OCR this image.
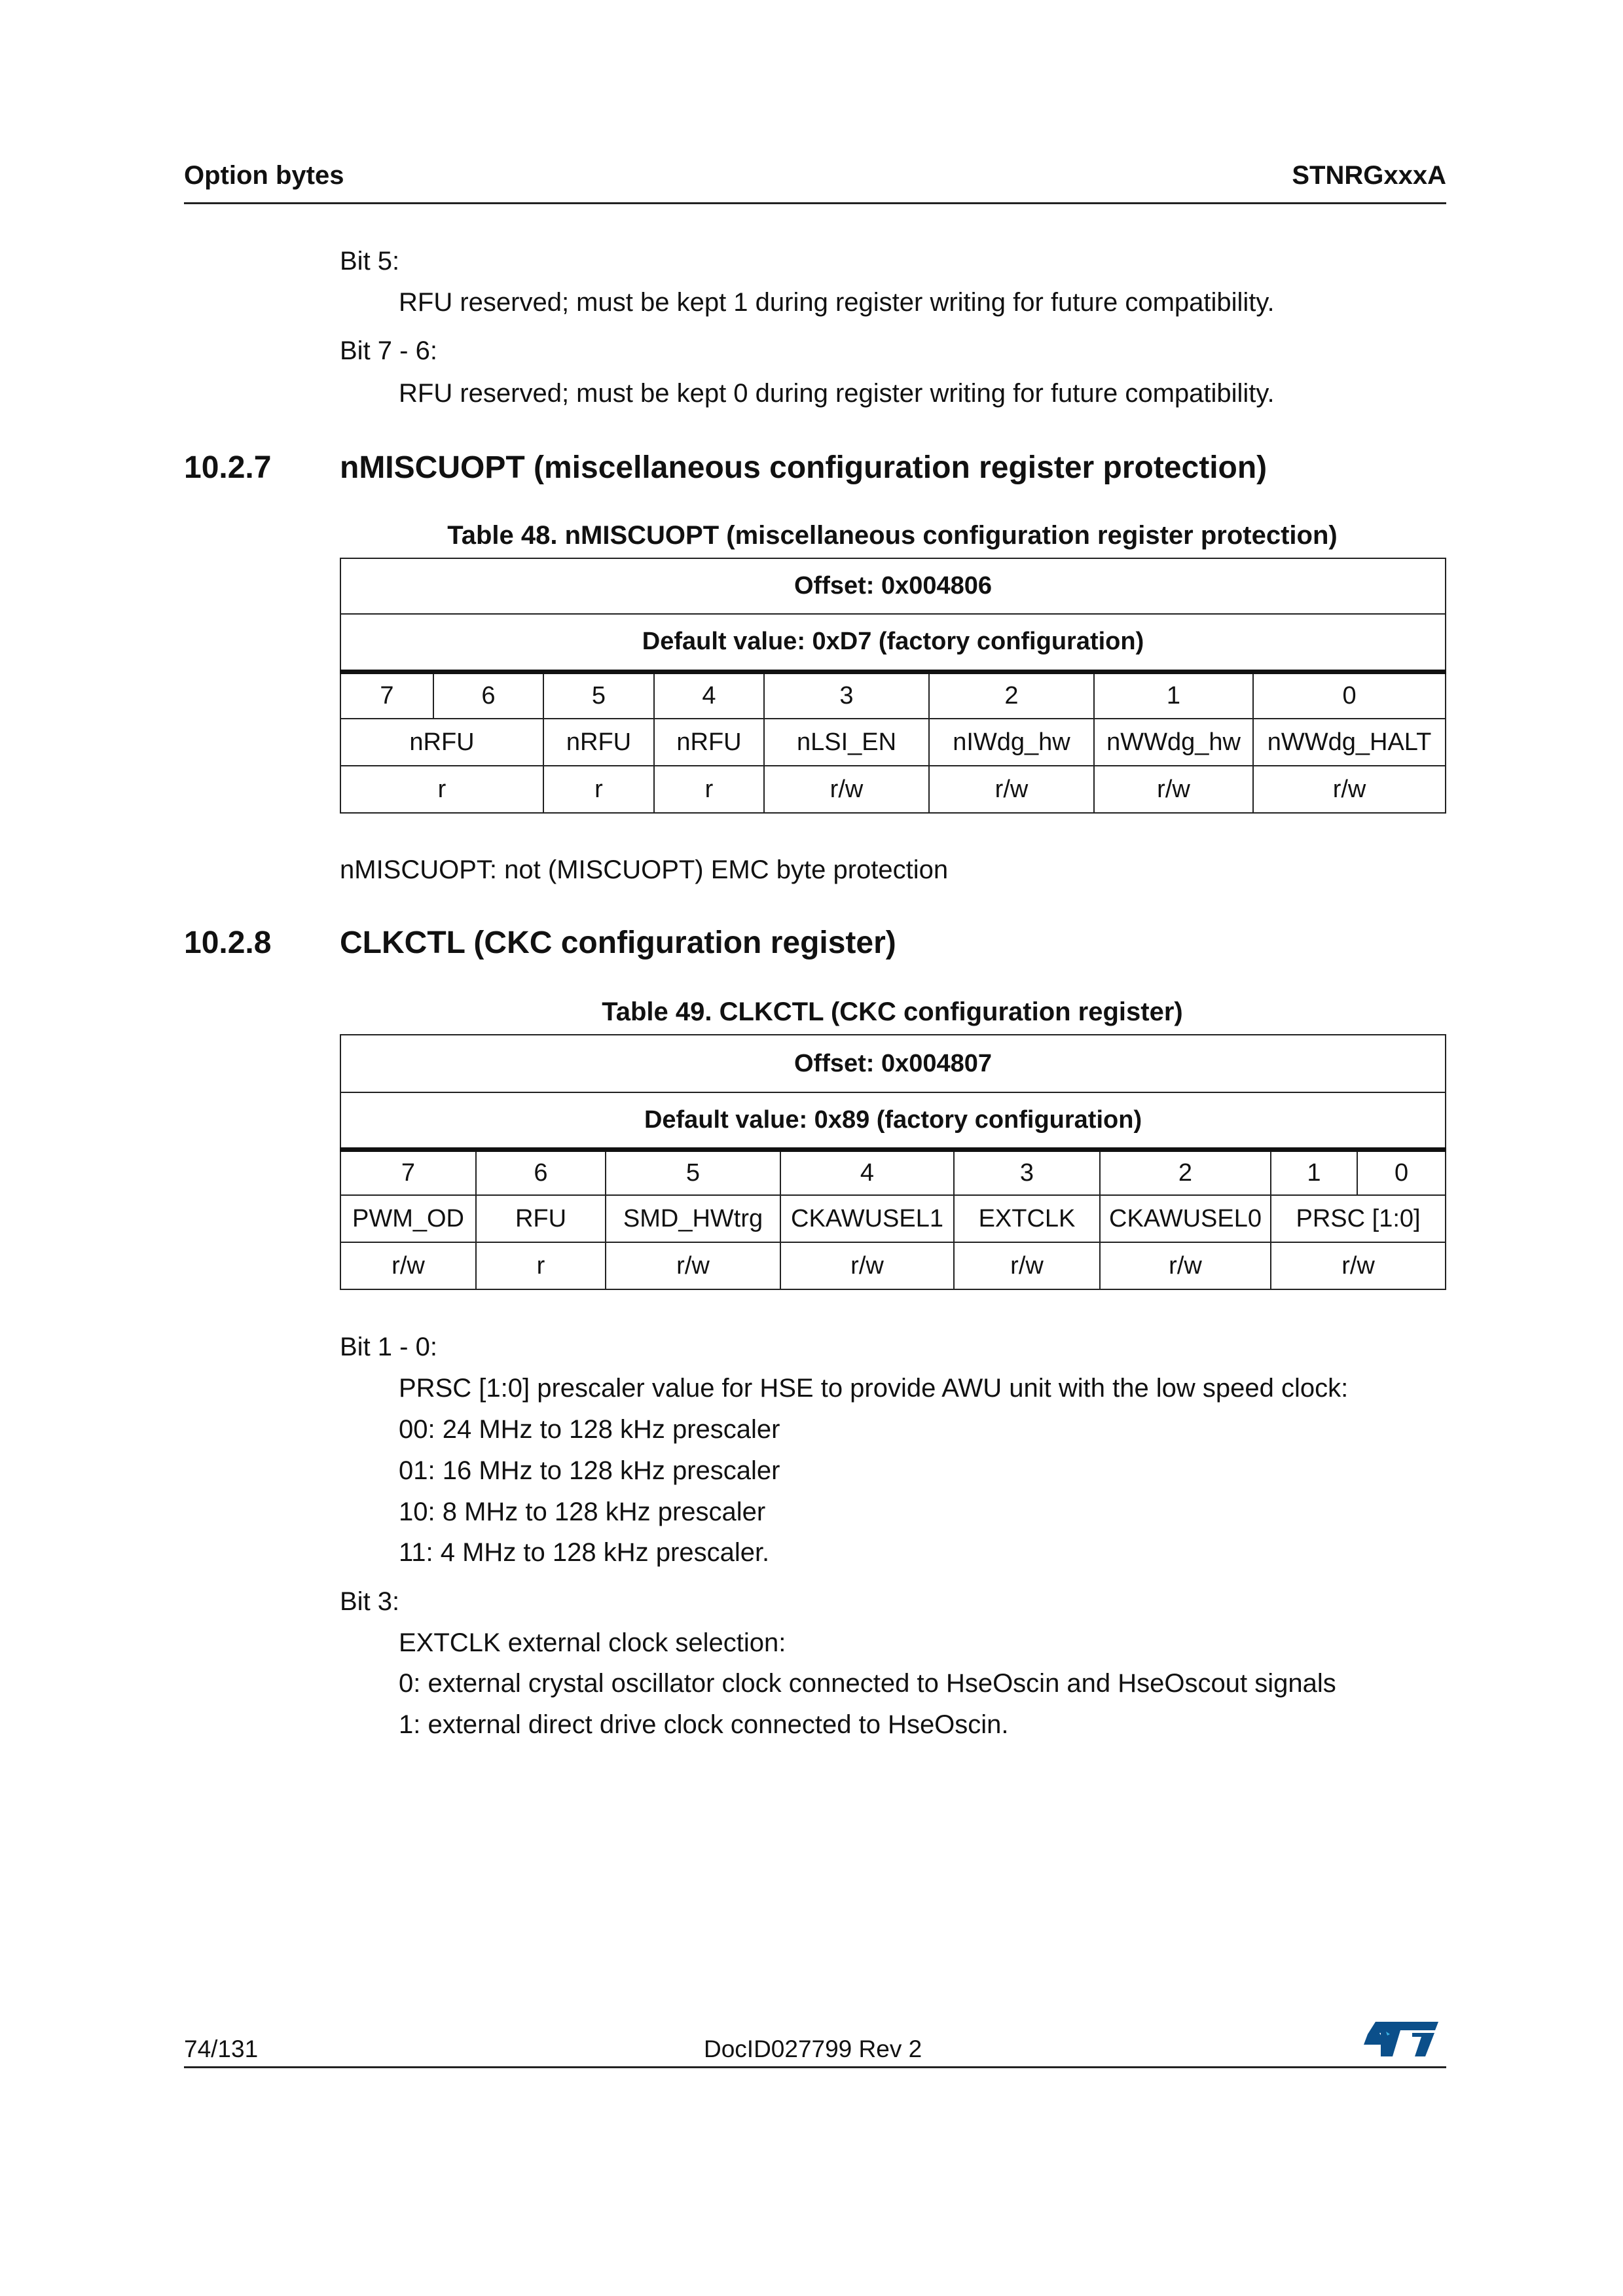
Option bytes	STNRGxxxA
Bit 5:
RFU reserved; must be kept 1 during register writing for future compatibility.
Bit 7 - 6:
RFU reserved; must be kept 0 during register writing for future compatibility.
10.2.7 nMISCUOPT (miscellaneous configuration register protection)
Table 48. nMISCUOPT (miscellaneous configuration register protection)
Offset: 0x004806							
Default value: 0xD7 (factory configuration)							
7	6	5	4	3	2	1	0
nRFU		nRFU	nRFU	nLSI_EN	nIWdg_hw	nWWdg_hw	nWWdg_HALT
r		r	r	r/w	r/w	r/w	r/w
nMISCUOPT: not (MISCUOPT) EMC byte protection
10.2.8 CLKCTL (CKC configuration register)
Table 49. CLKCTL (CKC configuration register)
Offset: 0x004807							
Default value: 0x89 (factory configuration)							
7	6	5	4	3	2	1	0
PWM_OD	RFU	SMD_HWtrg	CKAWUSEL1	EXTCLK	CKAWUSEL0	PRSC [1:0]	
r/w	r	r/w	r/w	r/w	r/w	r/w	
Bit 1 - 0:
PRSC [1:0] prescaler value for HSE to provide AWU unit with the low speed clock:
00: 24 MHz to 128 kHz prescaler
01: 16 MHz to 128 kHz prescaler
10: 8 MHz to 128 kHz prescaler
11: 4 MHz to 128 kHz prescaler.
Bit 3:
EXTCLK external clock selection:
0: external crystal oscillator clock connected to HseOscin and HseOscout signals
1: external direct drive clock connected to HseOscin.
74/131	DocID027799 Rev 2
